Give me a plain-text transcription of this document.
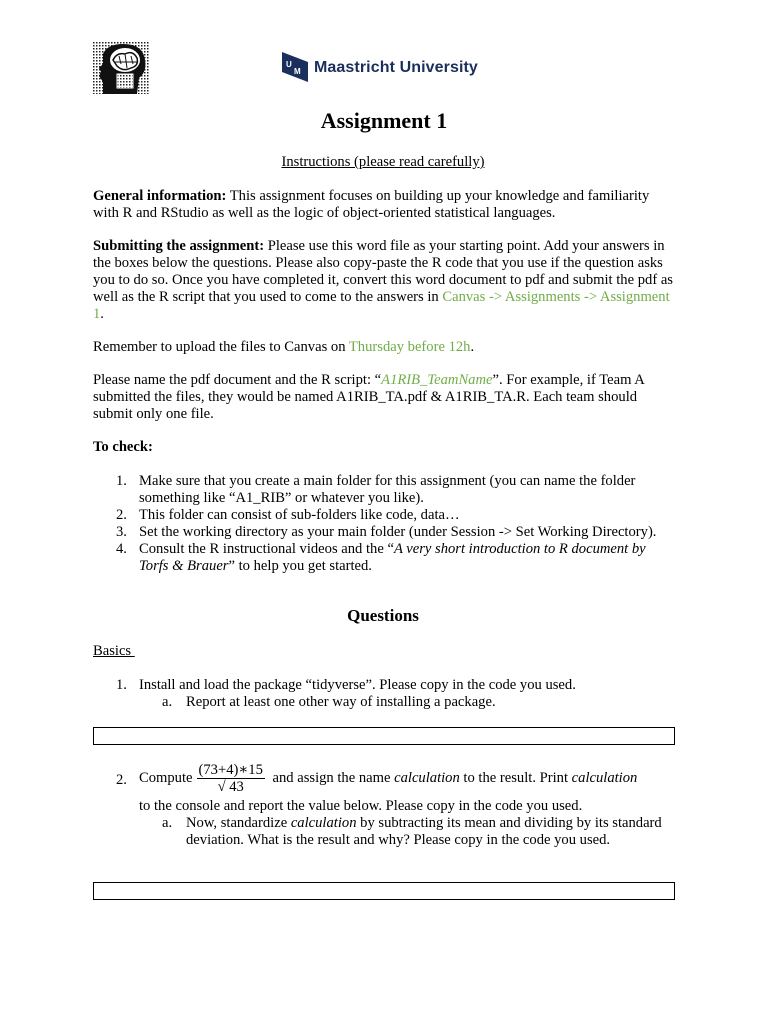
U
M Maastricht University
Assignment 1
Instructions (please read carefully)
General information: This assignment focuses on building up your knowledge and familiarity with R and RStudio as well as the logic of object-oriented statistical languages.
Submitting the assignment: Please use this word file as your starting point. Add your answers in the boxes below the questions. Please also copy-paste the R code that you use if the question asks you to do so. Once you have completed it, convert this word document to pdf and submit the pdf as well as the R script that you used to come to the answers in Canvas -> Assignments -> Assignment 1.
Remember to upload the files to Canvas on Thursday before 12h.
Please name the pdf document and the R script: “A1RIB_TeamName”. For example, if Team A submitted the files, they would be named A1RIB_TA.pdf & A1RIB_TA.R. Each team should submit only one file.
To check:
1. Make sure that you create a main folder for this assignment (you can name the folder something like “A1_RIB” or whatever you like).
2. This folder can consist of sub-folders like code, data…
3. Set the working directory as your main folder (under Session -> Set Working Directory).
4. Consult the R instructional videos and the “A very short introduction to R document by Torfs & Brauer” to help you get started.
Questions
Basics
1. Install and load the package “tidyverse”. Please copy in the code you used.
a. Report at least one other way of installing a package.
2. Compute $\frac{(73+4)∗15}{√ 43}$ and assign the name calculation to the result. Print calculation
to the console and report the value below. Please copy in the code you used.
a. Now, standardize calculation by subtracting its mean and dividing by its standard deviation. What is the result and why? Please copy in the code you used.
